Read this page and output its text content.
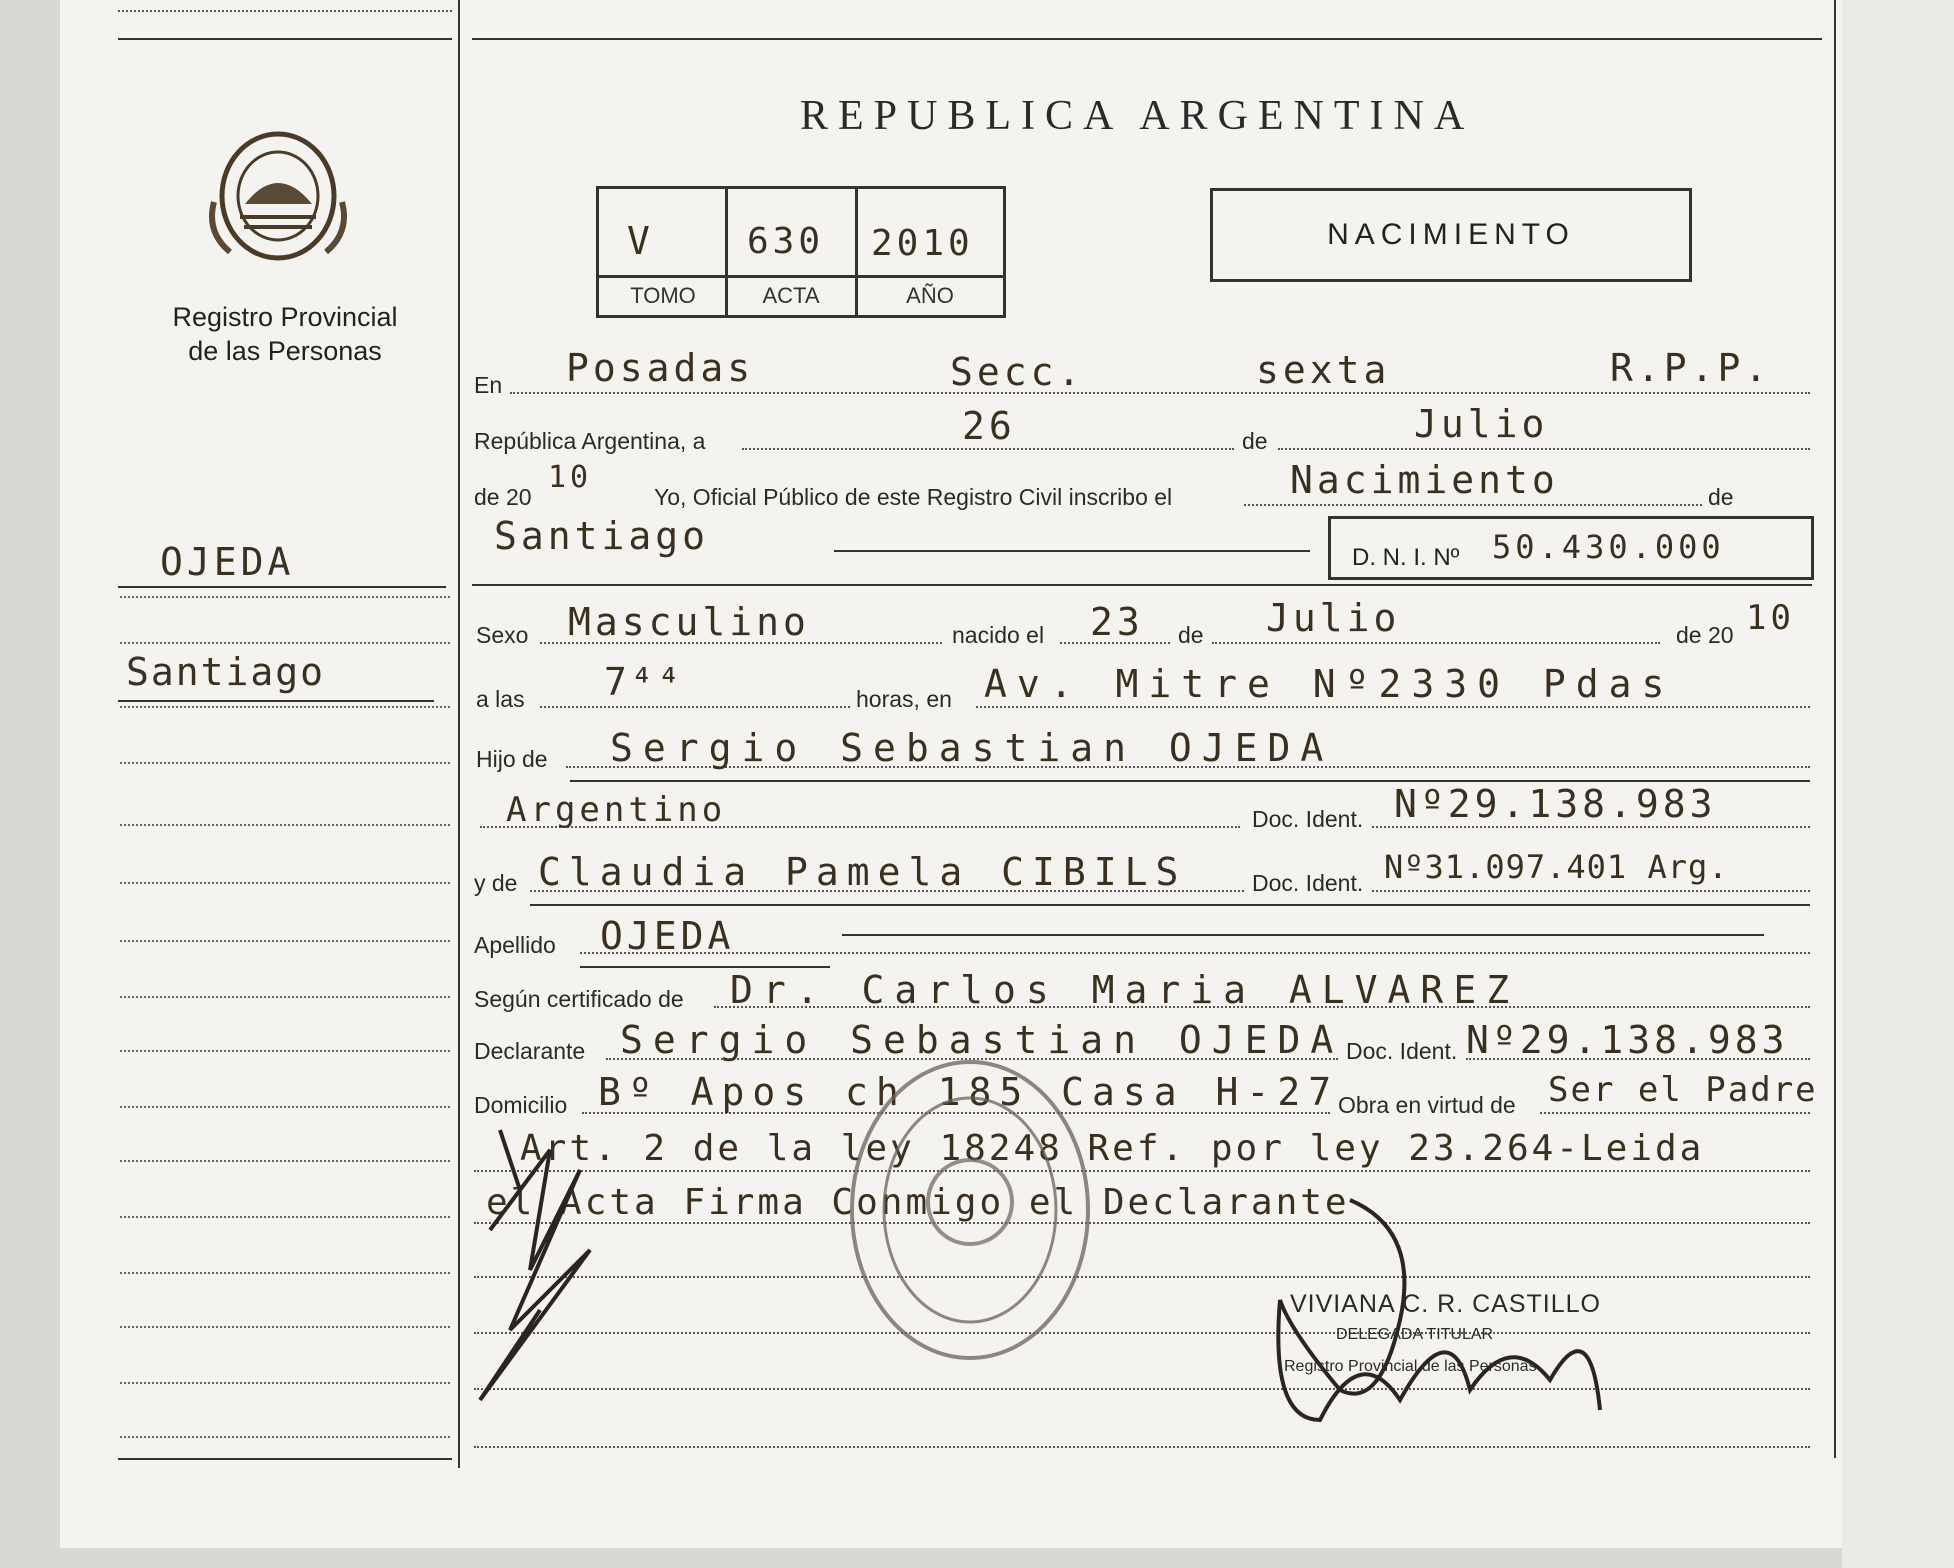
Registro Provincial
de las Personas
REPUBLICA ARGENTINA
V	630 2010
TOMO	ACTA	AÑO
NACIMIENTO
OJEDA
Santiago
En Posadas	Secc.	sexta	R.P.P.
República Argentina, a	26	de	Julio
de 20
10
Yo, Oficial Público de este Registro Civil inscribo el	Nacimiento	de
Santiago	D. N. I. Nº 50.430.000
Sexo Masculino	nacido el 23 de Julio	de 20 10
a las 7⁴⁴	horas, en Av. Mitre Nº2330 Pdas
Hijo de Sergio Sebastian OJEDA
Argentino	Doc. Ident. Nº29.138.983
y de Claudia Pamela CIBILS	Doc. Ident. Nº31.097.401 Arg.
Apellido OJEDA
Según certificado de Dr. Carlos Maria ALVAREZ
Declarante Sergio Sebastian OJEDA Doc. Ident. Nº29.138.983
Domicilio Bº Apos ch 185 Casa H-27
Obra en virtud de Ser el Padre
Art. 2 de la ley 18248 Ref. por ley 23.264-Leida
el Acta Firma Conmigo el Declarante
VIVIANA C. R. CASTILLO
DELEGADA TITULAR
Registro Provincial de las Personas
